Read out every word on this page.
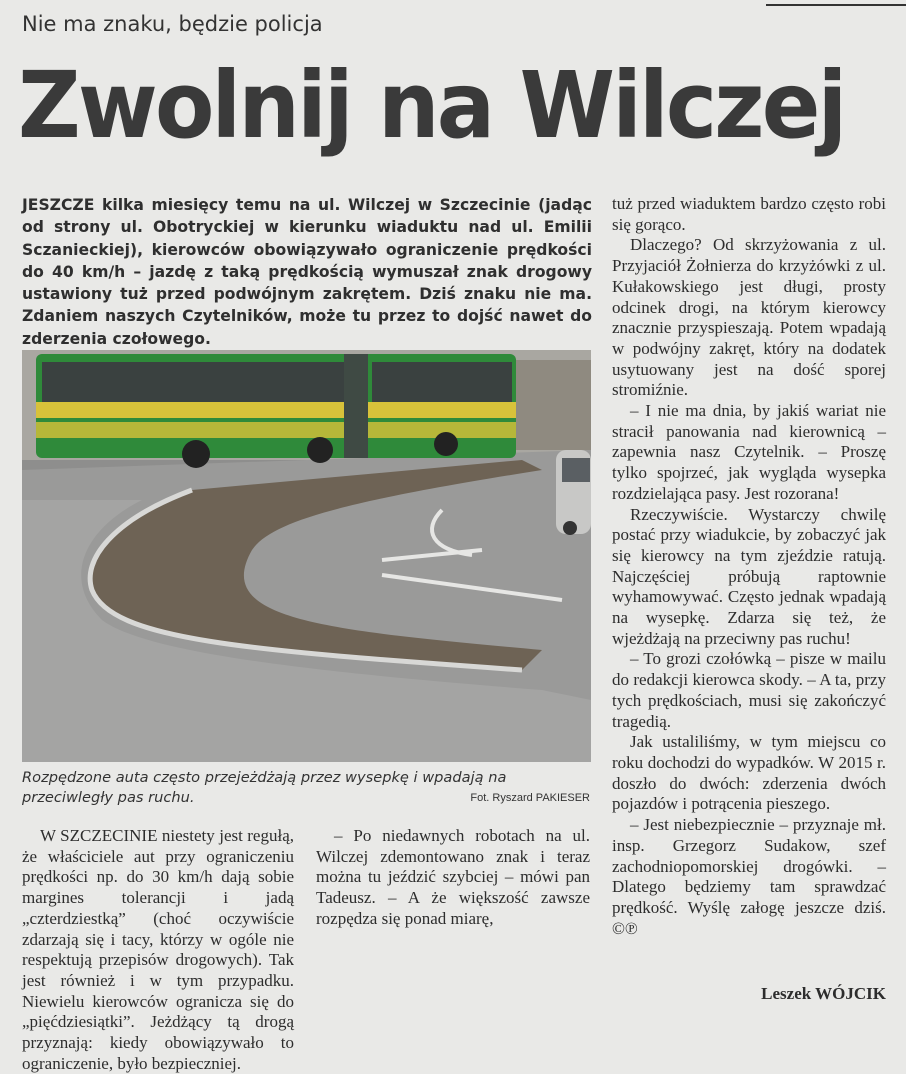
Nie ma znaku, będzie policja
Zwolnij na Wilczej
JESZCZE kilka miesięcy temu na ul. Wilczej w Szczecinie (jadąc od strony ul. Obotryckiej w kierunku wiaduktu nad ul. Emilii Sczanieckiej), kierowców obowiązywało ograniczenie prędkości do 40 km/h – jazdę z taką prędkością wymuszał znak drogowy ustawiony tuż przed podwójnym zakrętem. Dziś znaku nie ma. Zdaniem naszych Czytelników, może tu przez to dojść nawet do zderzenia czołowego.
Rozpędzone auta często przejeżdżają przez wysepkę i wpadają na przeciwległy pas ruchu.	Fot. Ryszard PAKIESER

W SZCZECINIE niestety jest regułą, że właściciele aut przy ograniczeniu prędkości np. do 30 km/h dają sobie margines tolerancji i jadą „czterdziestką” (choć oczywiście zdarzają się i tacy, którzy w ogóle nie respektują przepisów drogowych). Tak jest również i w tym przypadku. Niewielu kierowców ogranicza się do „pięćdziesiątki”. Jeżdżący tą drogą przyznają: kiedy obowiązywało to ograniczenie, było bezpieczniej.

– Po niedawnych robotach na ul. Wilczej zdemontowano znak i teraz można tu jeździć szybciej – mówi pan Tadeusz. – A że większość zawsze rozpędza się ponad miarę,

tuż przed wiaduktem bardzo często robi się gorąco.

Dlaczego? Od skrzyżowania z ul. Przyjaciół Żołnierza do krzyżówki z ul. Kułakowskiego jest długi, prosty odcinek drogi, na którym kierowcy znacznie przyspieszają. Potem wpadają w podwójny zakręt, który na dodatek usytuowany jest na dość sporej stromiźnie.

– I nie ma dnia, by jakiś wariat nie stracił panowania nad kierownicą – zapewnia nasz Czytelnik. – Proszę tylko spojrzeć, jak wygląda wysepka rozdzielająca pasy. Jest rozorana!

Rzeczywiście. Wystarczy chwilę postać przy wiadukcie, by zobaczyć jak się kierowcy na tym zjeździe ratują. Najczęściej próbują raptownie wyhamowywać. Często jednak wpadają na wysepkę. Zdarza się też, że wjeżdżają na przeciwny pas ruchu!

– To grozi czołówką – pisze w mailu do redakcji kierowca skody. – A ta, przy tych prędkościach, musi się zakończyć tragedią.

Jak ustaliliśmy, w tym miejscu co roku dochodzi do wypadków. W 2015 r. doszło do dwóch: zderzenia dwóch pojazdów i potrącenia pieszego.

– Jest niebezpiecznie – przyznaje mł. insp. Grzegorz Sudakow, szef zachodniopomorskiej drogówki. – Dlatego będziemy tam sprawdzać prędkość. Wyślę załogę jeszcze dziś. ©℗

Leszek WÓJCIK
